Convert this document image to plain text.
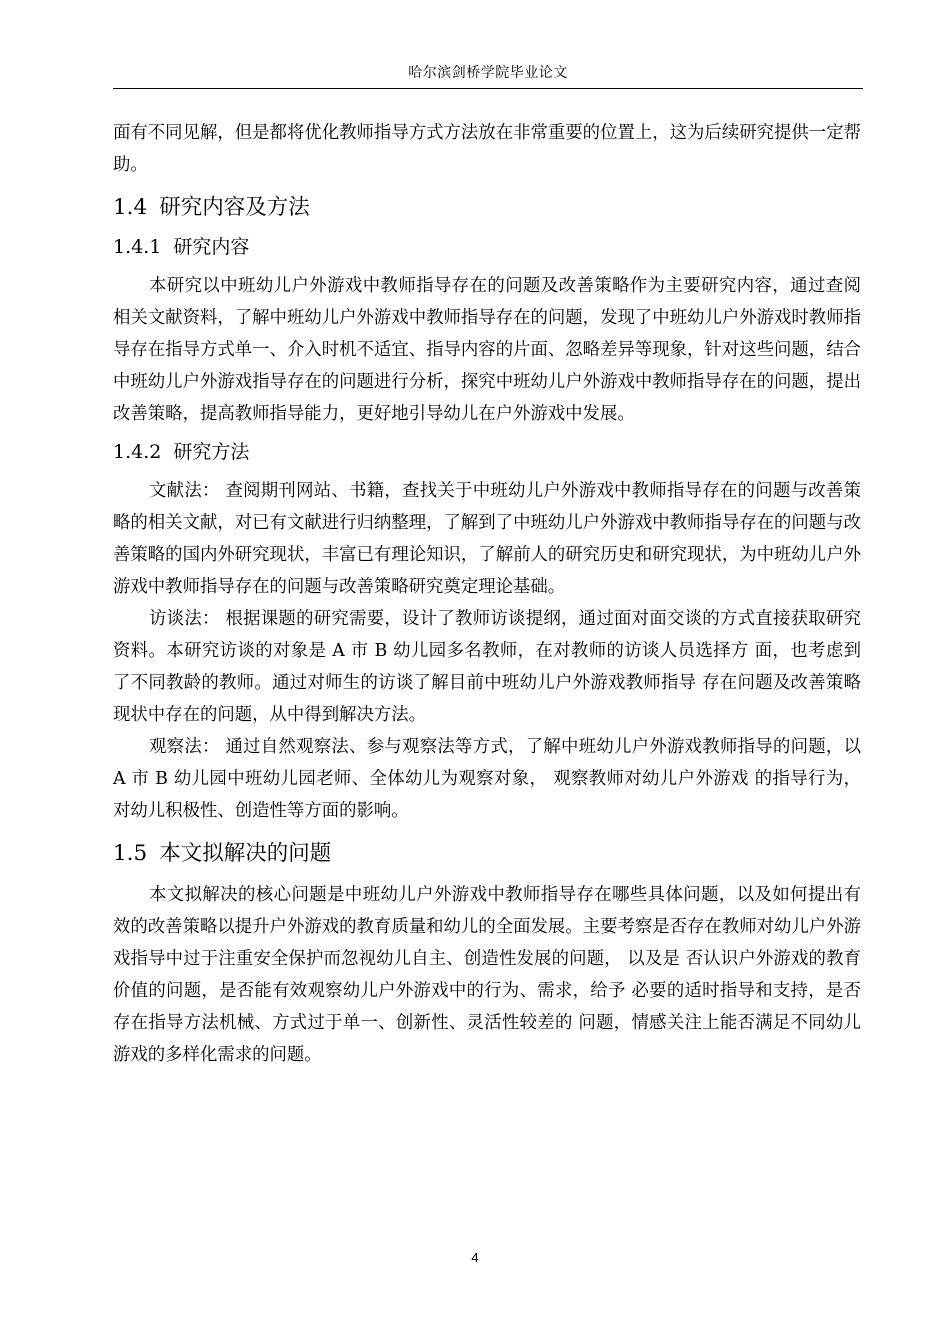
哈尔滨剑桥学院毕业论文

面有不同见解，但是都将优化教师指导方式方法放在非常重要的位置上，这为后续研究提供一定帮助。

1.4 研究内容及方法
1.4.1 研究内容

本研究以中班幼儿户外游戏中教师指导存在的问题及改善策略作为主要研究内容，通过查阅相关文献资料，了解中班幼儿户外游戏中教师指导存在的问题，发现了中班幼儿户外游戏时教师指导存在指导方式单一、介入时机不适宜、指导内容的片面、忽略差异等现象，针对这些问题，结合中班幼儿户外游戏指导存在的问题进行分析，探究中班幼儿户外游戏中教师指导存在的问题，提出改善策略，提高教师指导能力，更好地引导幼儿在户外游戏中发展。

1.4.2 研究方法

文献法： 查阅期刊网站、书籍，查找关于中班幼儿户外游戏中教师指导存在的问题与改善策略的相关文献，对已有文献进行归纳整理，了解到了中班幼儿户外游戏中教师指导存在的问题与改善策略的国内外研究现状，丰富已有理论知识，了解前人的研究历史和研究现状，为中班幼儿户外游戏中教师指导存在的问题与改善策略研究奠定理论基础。

访谈法： 根据课题的研究需要，设计了教师访谈提纲，通过面对面交谈的方式直接获取研究资料。本研究访谈的对象是 A 市 B 幼儿园多名教师，在对教师的访谈人员选择方 面，也考虑到了不同教龄的教师。通过对师生的访谈了解目前中班幼儿户外游戏教师指导 存在问题及改善策略现状中存在的问题，从中得到解决方法。

观察法： 通过自然观察法、参与观察法等方式，了解中班幼儿户外游戏教师指导的问题，以 A 市 B 幼儿园中班幼儿园老师、全体幼儿为观察对象， 观察教师对幼儿户外游戏 的指导行为，对幼儿积极性、创造性等方面的影响。

1.5 本文拟解决的问题

本文拟解决的核心问题是中班幼儿户外游戏中教师指导存在哪些具体问题，以及如何提出有效的改善策略以提升户外游戏的教育质量和幼儿的全面发展。主要考察是否存在教师对幼儿户外游戏指导中过于注重安全保护而忽视幼儿自主、创造性发展的问题， 以及是 否认识户外游戏的教育价值的问题，是否能有效观察幼儿户外游戏中的行为、需求，给予 必要的适时指导和支持，是否存在指导方法机械、方式过于单一、创新性、灵活性较差的 问题，情感关注上能否满足不同幼儿游戏的多样化需求的问题。

4
